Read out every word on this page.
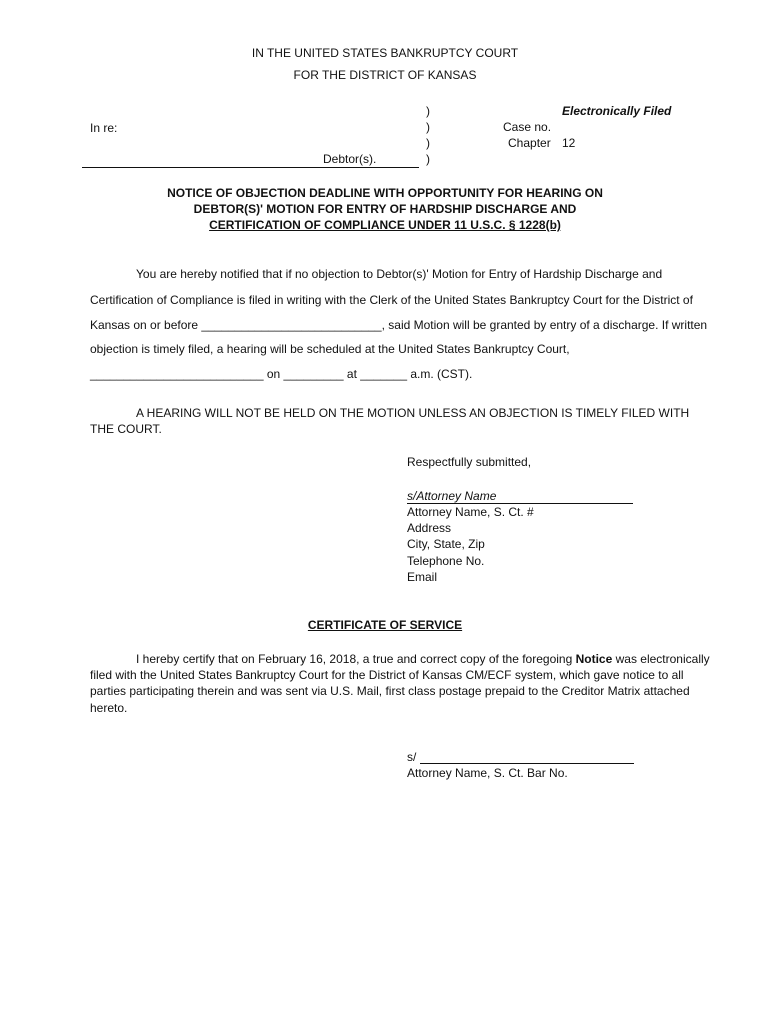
IN THE UNITED STATES BANKRUPTCY COURT
FOR THE DISTRICT OF KANSAS
In re:
Debtor(s).
)
)
)
)
Electronically Filed
Case no.
Chapter 12
NOTICE OF OBJECTION DEADLINE WITH OPPORTUNITY FOR HEARING ON
DEBTOR(S)' MOTION FOR ENTRY OF HARDSHIP DISCHARGE AND
CERTIFICATION OF COMPLIANCE UNDER 11 U.S.C. § 1228(b)
You are hereby notified that if no objection to Debtor(s)' Motion for Entry of Hardship Discharge and
Certification of Compliance is filed in writing with the Clerk of the United States Bankruptcy Court for the District of
Kansas on or before ___________________________, said Motion will be granted by entry of a discharge. If written
objection is timely filed, a hearing will be scheduled at the United States Bankruptcy Court,
__________________________ on _________ at _______ a.m. (CST).
A HEARING WILL NOT BE HELD ON THE MOTION UNLESS AN OBJECTION IS TIMELY FILED WITH
THE COURT.
Respectfully submitted,
s/Attorney Name
Attorney Name, S. Ct. #
Address
City, State, Zip
Telephone No.
Email
CERTIFICATE OF SERVICE
I hereby certify that on February 16, 2018, a true and correct copy of the foregoing Notice was electronically
filed with the United States Bankruptcy Court for the District of Kansas CM/ECF system, which gave notice to all
parties participating therein and was sent via U.S. Mail, first class postage prepaid to the Creditor Matrix attached
hereto.
s/
Attorney Name, S. Ct. Bar No.
